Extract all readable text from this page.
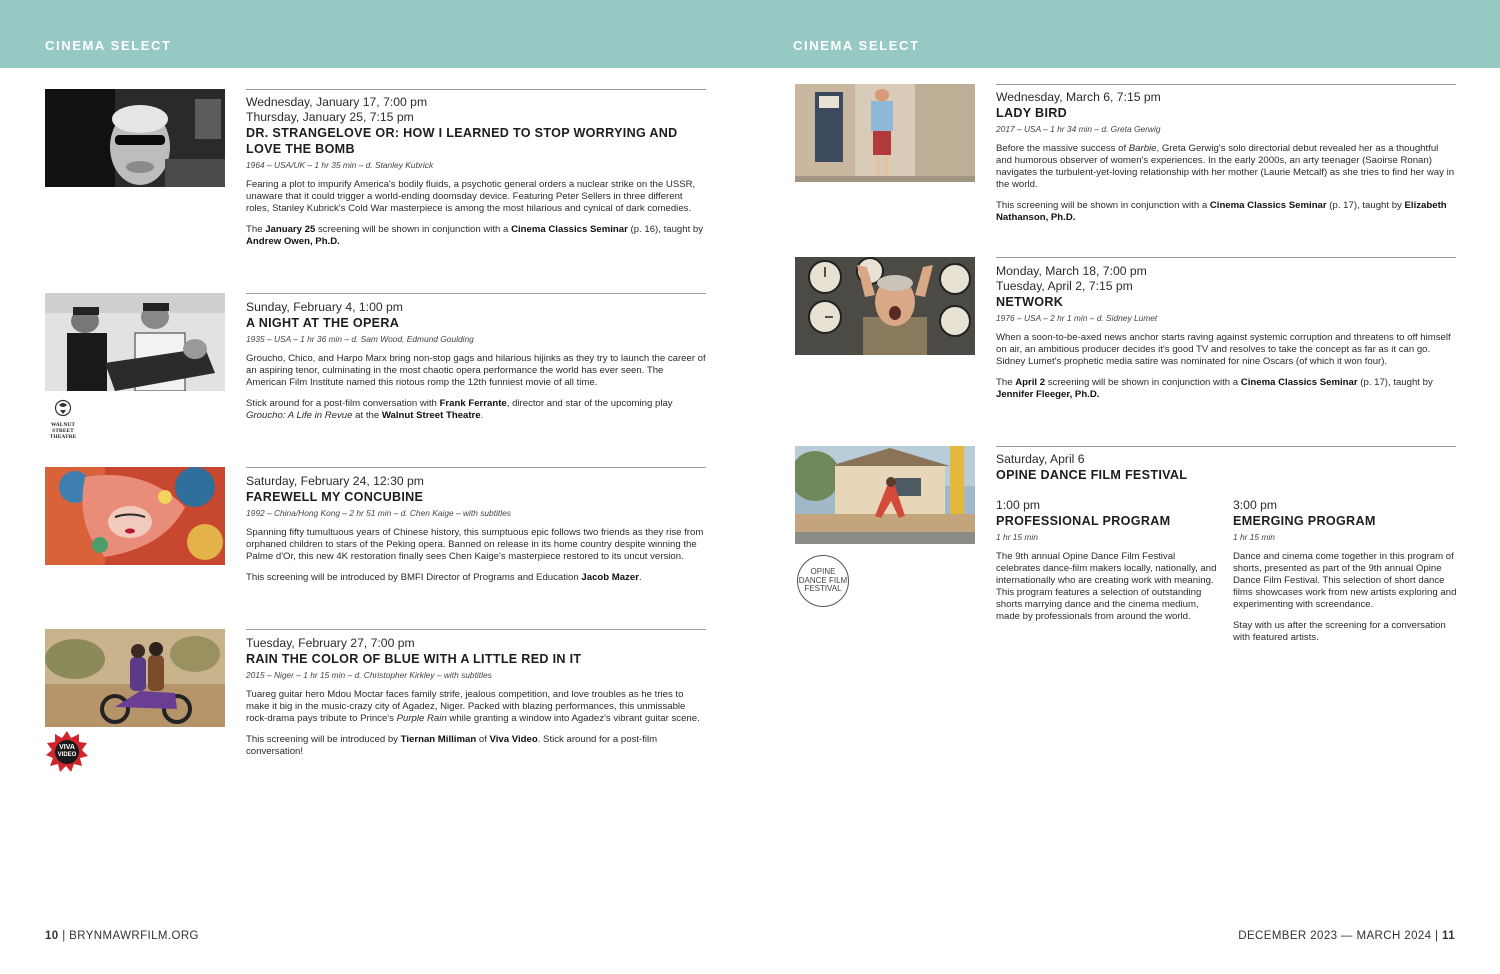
CINEMA SELECT	CINEMA SELECT
Wednesday, January 17, 7:00 pm
Thursday, January 25, 7:15 pm
DR. STRANGELOVE OR: HOW I LEARNED TO STOP WORRYING AND LOVE THE BOMB
1964 – USA/UK – 1 hr 35 min – d. Stanley Kubrick
Fearing a plot to impurify America's bodily fluids, a psychotic general orders a nuclear strike on the USSR, unaware that it could trigger a world-ending doomsday device. Featuring Peter Sellers in three different roles, Stanley Kubrick's Cold War masterpiece is among the most hilarious and cynical of dark comedies.
The January 25 screening will be shown in conjunction with a Cinema Classics Seminar (p. 16), taught by Andrew Owen, Ph.D.
WALNUT STREET
THEATRE
Sunday, February 4, 1:00 pm
A NIGHT AT THE OPERA
1935 – USA – 1 hr 36 min – d. Sam Wood, Edmund Goulding
Groucho, Chico, and Harpo Marx bring non-stop gags and hilarious hijinks as they try to launch the career of an aspiring tenor, culminating in the most chaotic opera performance the world has ever seen. The American Film Institute named this riotous romp the 12th funniest movie of all time.
Stick around for a post-film conversation with Frank Ferrante, director and star of the upcoming play Groucho: A Life in Revue at the Walnut Street Theatre.
Saturday, February 24, 12:30 pm
FAREWELL MY CONCUBINE
1992 – China/Hong Kong – 2 hr 51 min – d. Chen Kaige – with subtitles
Spanning fifty tumultuous years of Chinese history, this sumptuous epic follows two friends as they rise from orphaned children to stars of the Peking opera. Banned on release in its home country despite winning the Palme d'Or, this new 4K restoration finally sees Chen Kaige's masterpiece restored to its uncut version.
This screening will be introduced by BMFI Director of Programs and Education Jacob Mazer.
VIVA
VIDEO
Tuesday, February 27, 7:00 pm
RAIN THE COLOR OF BLUE WITH A LITTLE RED IN IT
2015 – Niger – 1 hr 15 min – d. Christopher Kirkley – with subtitles
Tuareg guitar hero Mdou Moctar faces family strife, jealous competition, and love troubles as he tries to make it big in the music-crazy city of Agadez, Niger. Packed with blazing performances, this unmissable rock-drama pays tribute to Prince's Purple Rain while granting a window into Agadez's vibrant guitar scene.
This screening will be introduced by Tiernan Milliman of Viva Video. Stick around for a post-film conversation!
Wednesday, March 6, 7:15 pm
LADY BIRD
2017 – USA – 1 hr 34 min – d. Greta Gerwig
Before the massive success of Barbie, Greta Gerwig's solo directorial debut revealed her as a thoughtful and humorous observer of women's experiences. In the early 2000s, an arty teenager (Saoirse Ronan) navigates the turbulent-yet-loving relationship with her mother (Laurie Metcalf) as she tries to find her way in the world.
This screening will be shown in conjunction with a Cinema Classics Seminar (p. 17), taught by Elizabeth Nathanson, Ph.D.
Monday, March 18, 7:00 pm
Tuesday, April 2, 7:15 pm
NETWORK
1976 – USA – 2 hr 1 min – d. Sidney Lumet
When a soon-to-be-axed news anchor starts raving against systemic corruption and threatens to off himself on air, an ambitious producer decides it's good TV and resolves to take the concept as far as it can go. Sidney Lumet's prophetic media satire was nominated for nine Oscars (of which it won four).
The April 2 screening will be shown in conjunction with a Cinema Classics Seminar (p. 17), taught by Jennifer Fleeger, Ph.D.
OPINE
DANCE FILM
FESTIVAL
Saturday, April 6
OPINE DANCE FILM FESTIVAL
1:00 pm
PROFESSIONAL PROGRAM
1 hr 15 min
The 9th annual Opine Dance Film Festival celebrates dance-film makers locally, nationally, and internationally who are creating work with meaning. This program features a selection of outstanding shorts marrying dance and the cinema medium, made by professionals from around the world.
3:00 pm
EMERGING PROGRAM
1 hr 15 min
Dance and cinema come together in this program of shorts, presented as part of the 9th annual Opine Dance Film Festival. This selection of short dance films showcases work from new artists exploring and experimenting with screendance.
Stay with us after the screening for a conversation with featured artists.
10 | BRYNMAWRFILM.ORG	DECEMBER 2023 — MARCH 2024 | 11
